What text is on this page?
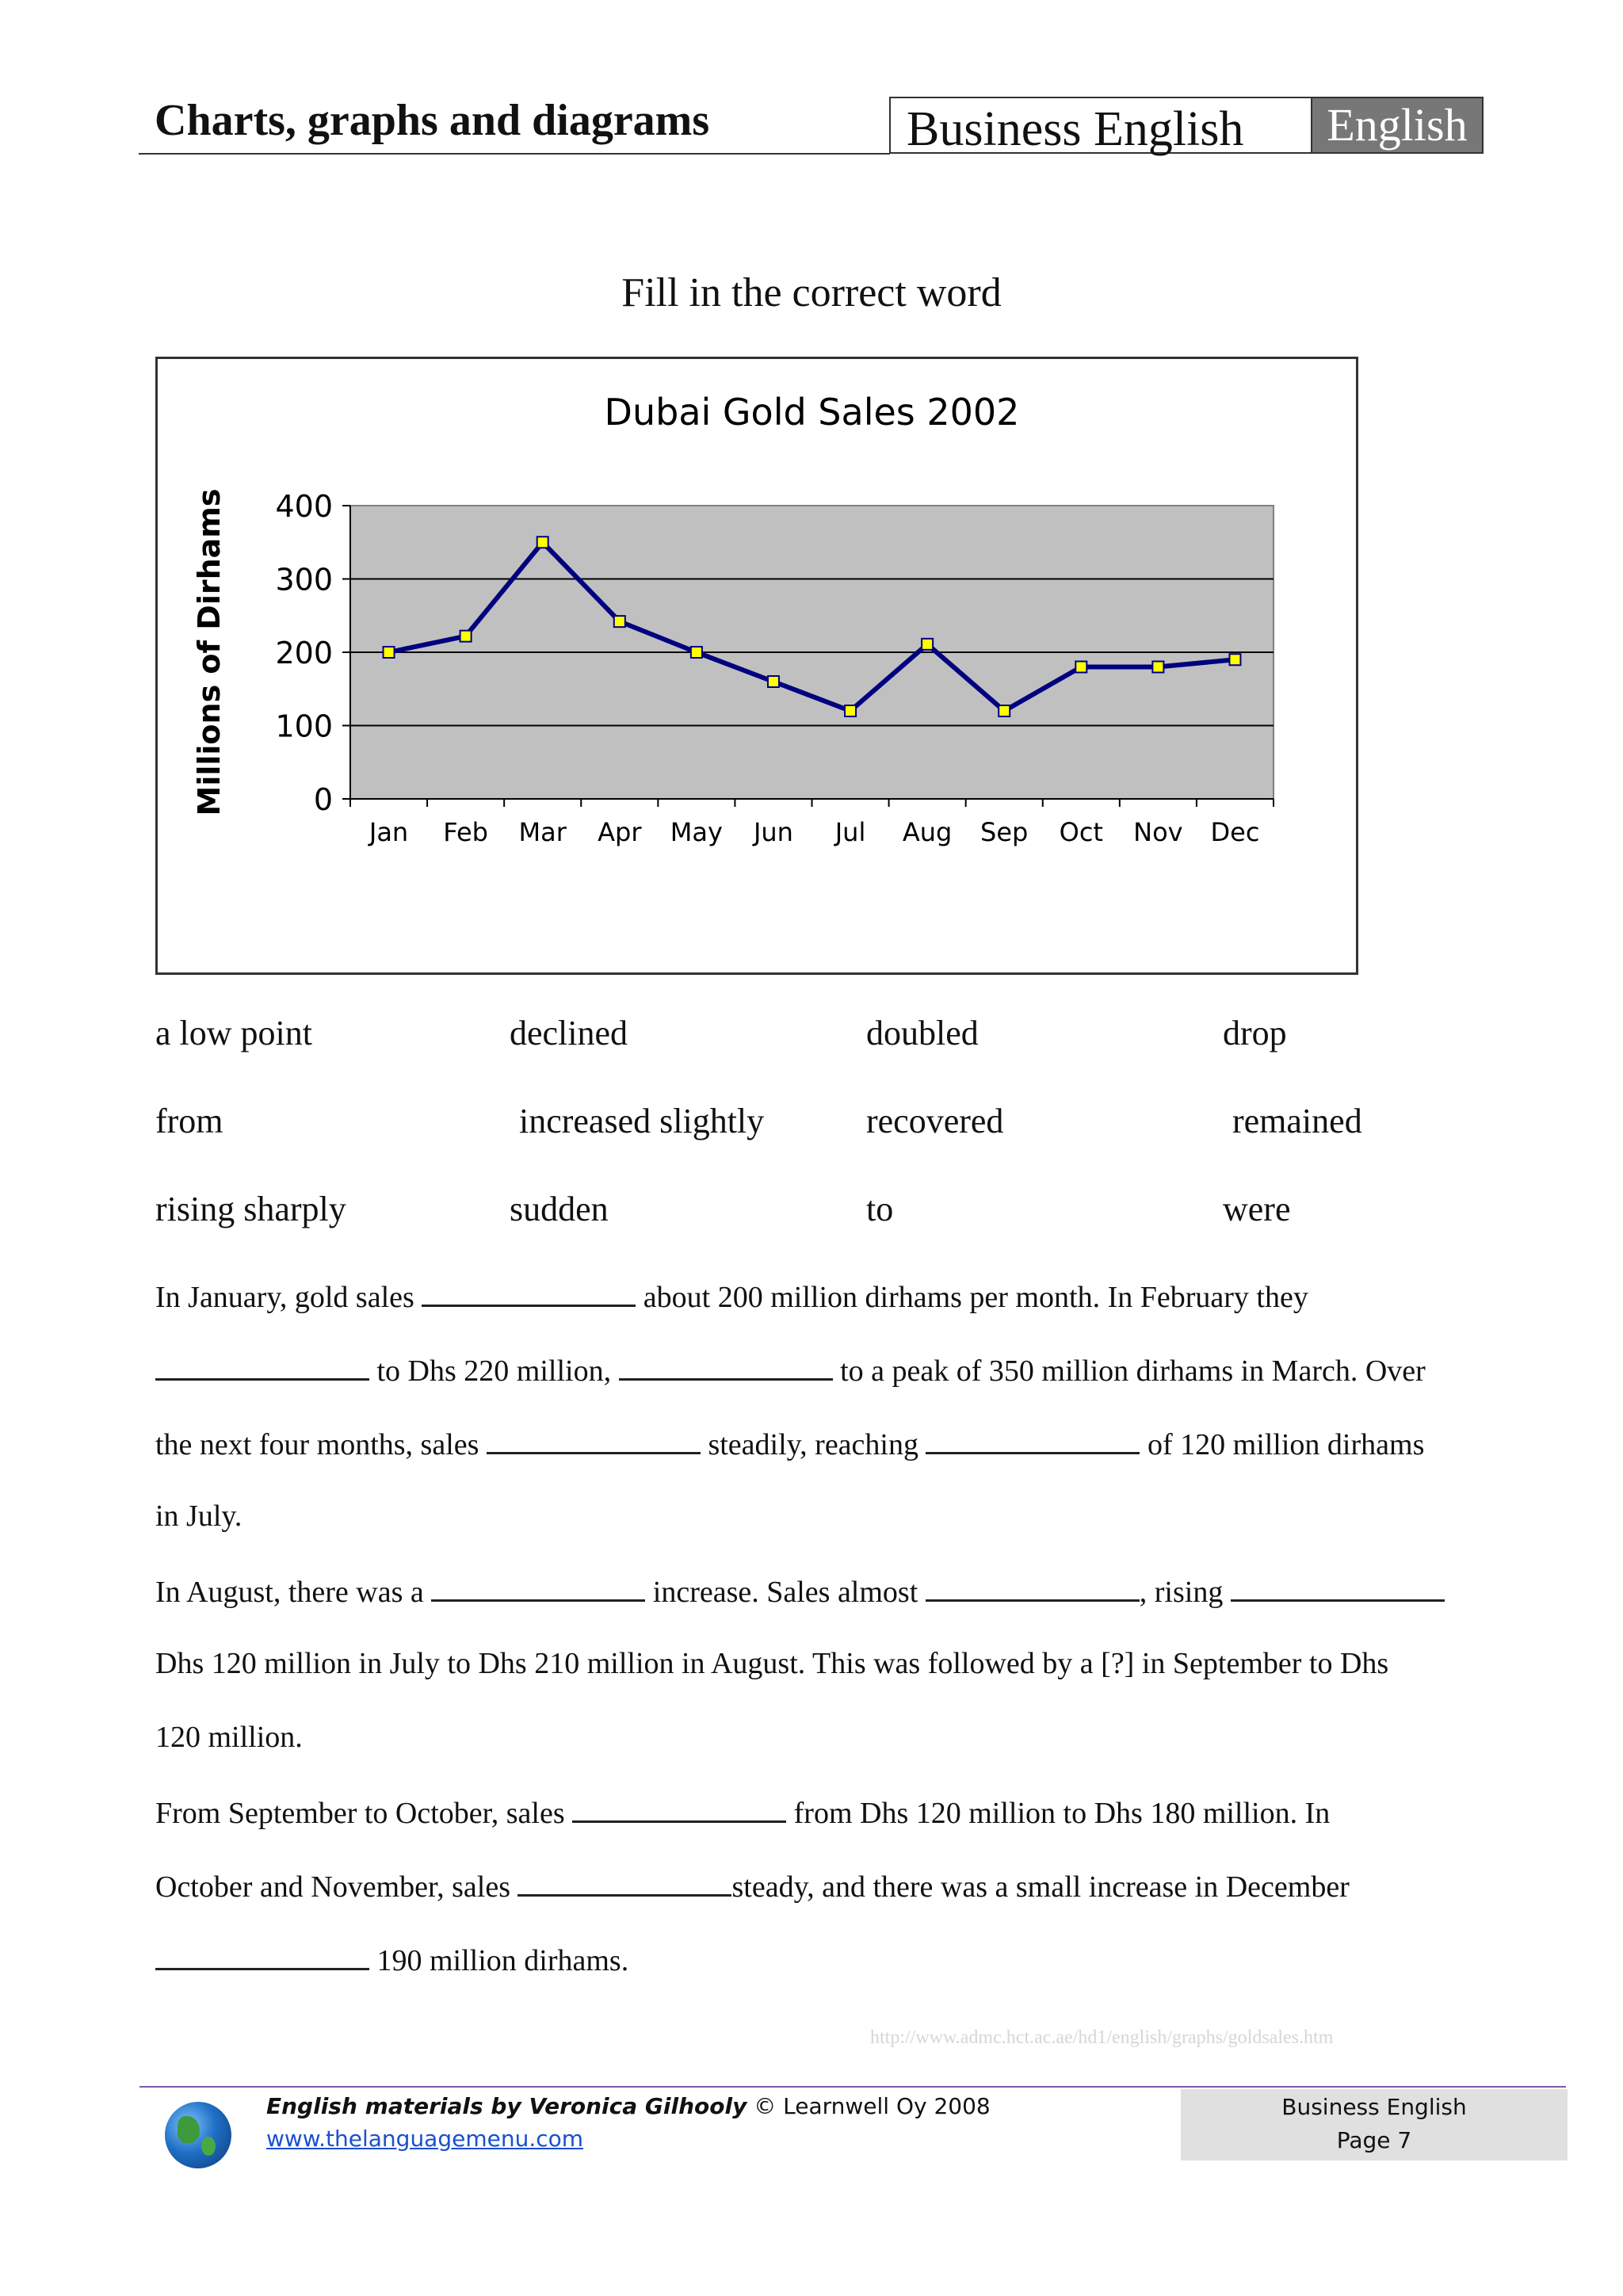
Charts, graphs and diagrams	Business English	English
Fill in the correct word
0
100
200
300
400
Jan Feb Mar Apr May Jun Jul Aug Sep Oct Nov Dec
Dubai Gold Sales 2002
Millions of Dirhams
a low point	declined	doubled	drop
from	increased slightly	recovered	remained
rising sharply	sudden	to	were
In January, gold sales	about 200 million dirhams per month. In February they
to Dhs 220 million,	to a peak of 350 million dirhams in March. Over
the next four months, sales	steadily, reaching	of 120 million dirhams
in July.
In August, there was a	increase. Sales almost	, rising
Dhs 120 million in July to Dhs 210 million in August. This was followed by a [?] in September to Dhs
120 million.
From September to October, sales	from Dhs 120 million to Dhs 180 million. In
October and November, sales	steady, and there was a small increase in December
190 million dirhams.
http://www.admc.hct.ac.ae/hd1/english/graphs/goldsales.htm
English materials by Veronica Gilhooly © Learnwell Oy 2008
www.thelanguagemenu.com
Business English
Page 7
